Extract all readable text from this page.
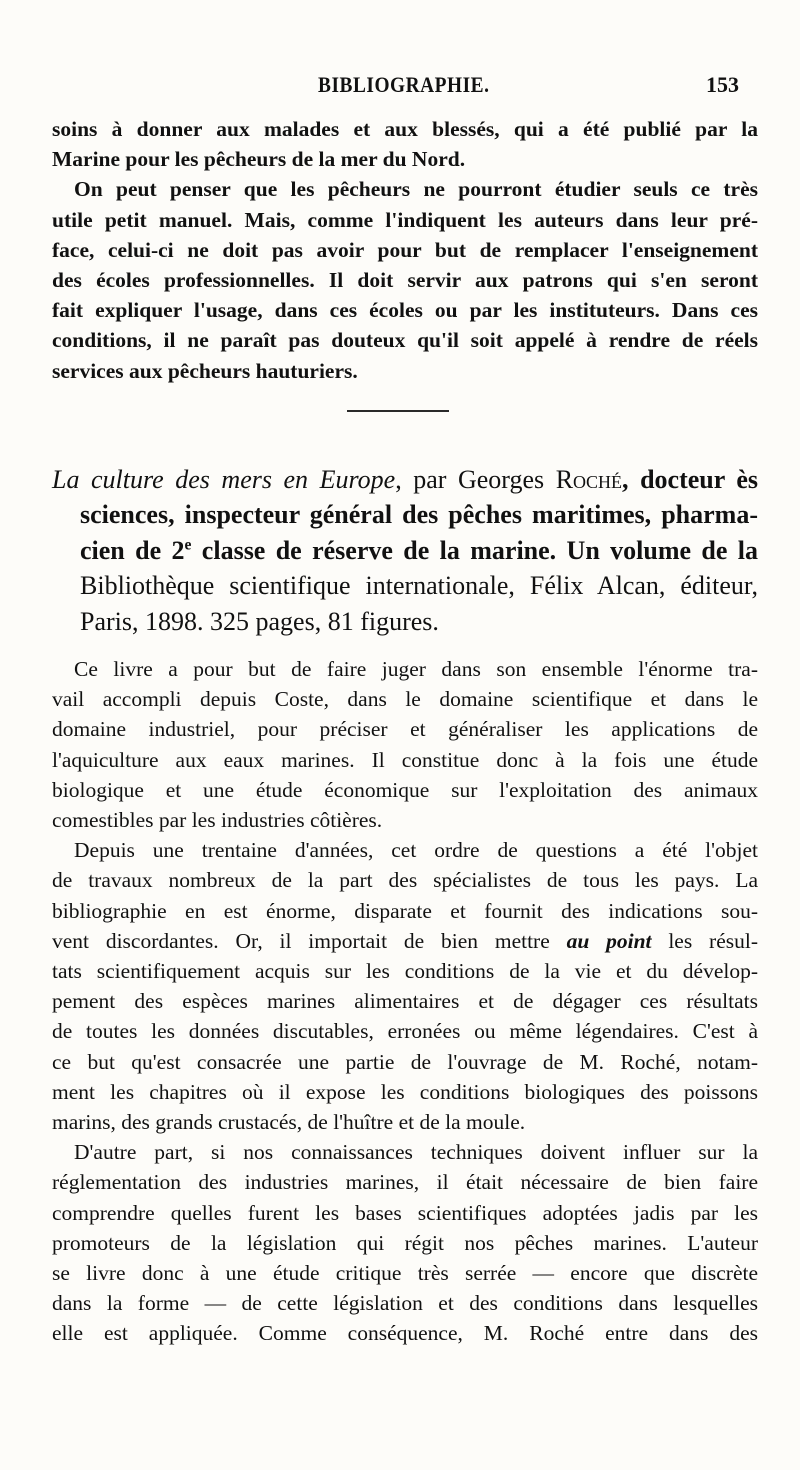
BIBLIOGRAPHIE.	153
soins à donner aux malades et aux blessés, qui a été publié par la
Marine pour les pêcheurs de la mer du Nord.
On peut penser que les pêcheurs ne pourront étudier seuls ce très
utile petit manuel. Mais, comme l'indiquent les auteurs dans leur pré-
face, celui-ci ne doit pas avoir pour but de remplacer l'enseignement
des écoles professionnelles. Il doit servir aux patrons qui s'en seront
fait expliquer l'usage, dans ces écoles ou par les instituteurs. Dans ces
conditions, il ne paraît pas douteux qu'il soit appelé à rendre de réels
services aux pêcheurs hauturiers.
La culture des mers en Europe, par Georges Roché, docteur ès
sciences, inspecteur général des pêches maritimes, pharma-
cien de 2e classe de réserve de la marine. Un volume de la
Bibliothèque scientifique internationale, Félix Alcan, éditeur,
Paris, 1898. 325 pages, 81 figures.
Ce livre a pour but de faire juger dans son ensemble l'énorme tra-
vail accompli depuis Coste, dans le domaine scientifique et dans le
domaine industriel, pour préciser et généraliser les applications de
l'aquiculture aux eaux marines. Il constitue donc à la fois une étude
biologique et une étude économique sur l'exploitation des animaux
comestibles par les industries côtières.
Depuis une trentaine d'années, cet ordre de questions a été l'objet
de travaux nombreux de la part des spécialistes de tous les pays. La
bibliographie en est énorme, disparate et fournit des indications sou-
vent discordantes. Or, il importait de bien mettre au point les résul-
tats scientifiquement acquis sur les conditions de la vie et du dévelop-
pement des espèces marines alimentaires et de dégager ces résultats
de toutes les données discutables, erronées ou même légendaires. C'est à
ce but qu'est consacrée une partie de l'ouvrage de M. Roché, notam-
ment les chapitres où il expose les conditions biologiques des poissons
marins, des grands crustacés, de l'huître et de la moule.
D'autre part, si nos connaissances techniques doivent influer sur la
réglementation des industries marines, il était nécessaire de bien faire
comprendre quelles furent les bases scientifiques adoptées jadis par les
promoteurs de la législation qui régit nos pêches marines. L'auteur
se livre donc à une étude critique très serrée — encore que discrète
dans la forme — de cette législation et des conditions dans lesquelles
elle est appliquée. Comme conséquence, M. Roché entre dans des
